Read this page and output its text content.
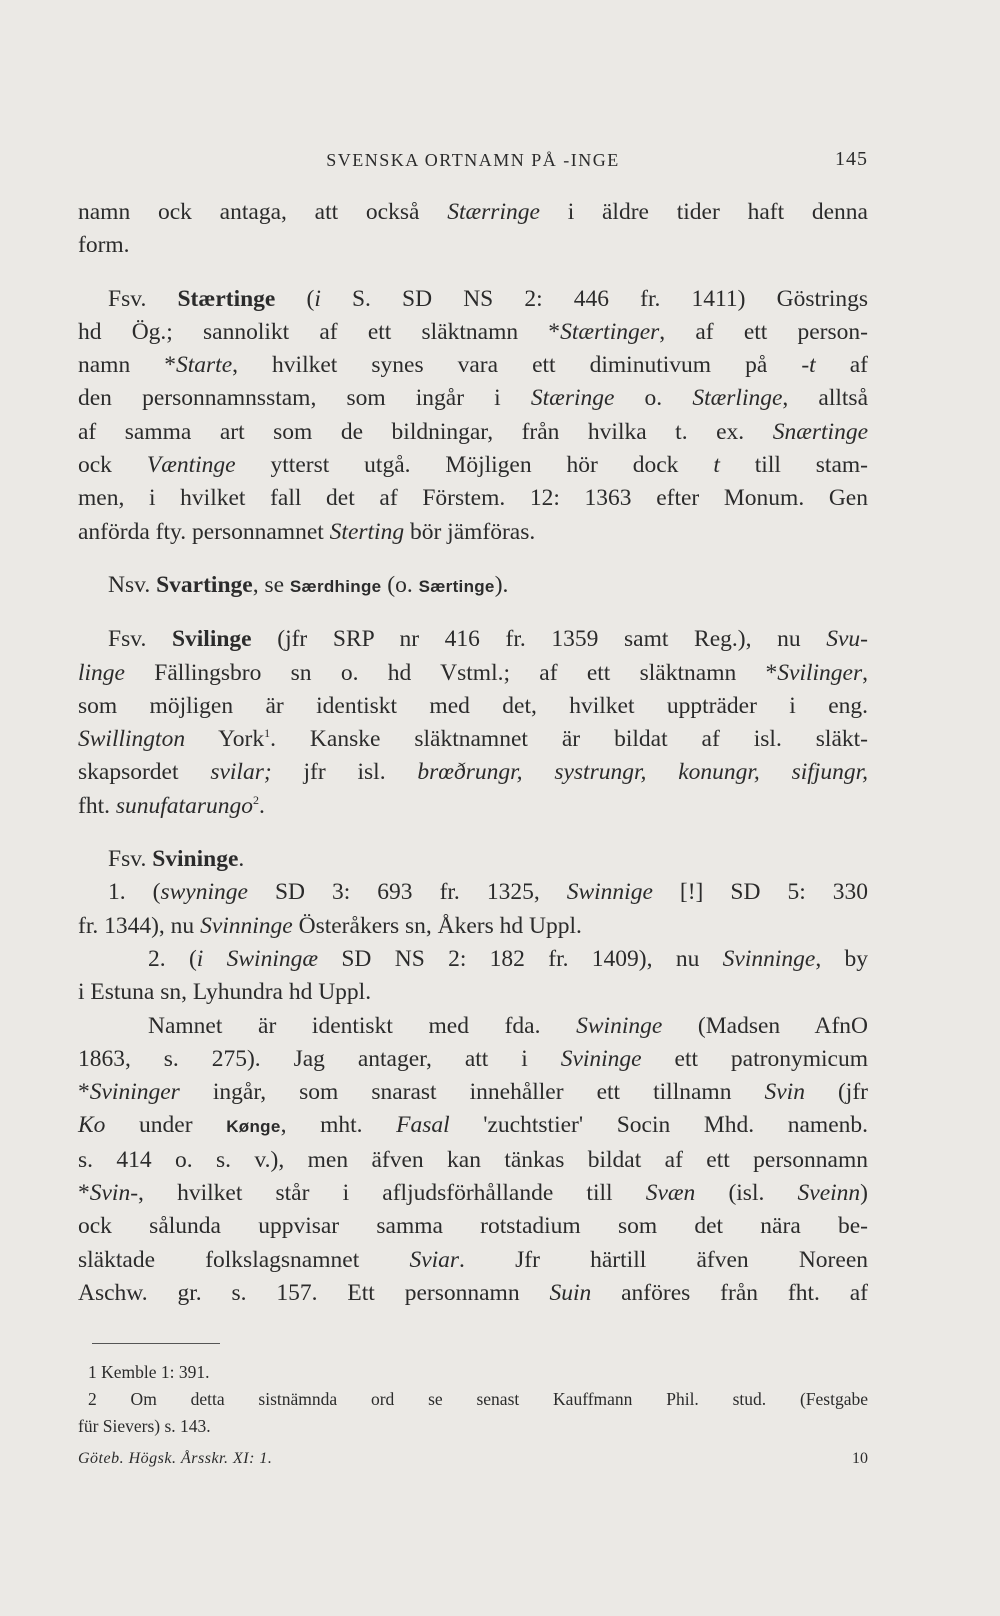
SVENSKA ORTNAMN PÅ -INGE	145
namn ock antaga, att också Stærringe i äldre tider haft denna
form.
Fsv. Stærtinge (i S. SD NS 2: 446 fr. 1411) Göstrings
hd Ög.; sannolikt af ett släktnamn *Stærtinger, af ett person-
namn *Starte, hvilket synes vara ett diminutivum på -t af
den personnamnsstam, som ingår i Stæringe o. Stærlinge, alltså
af samma art som de bildningar, från hvilka t. ex. Snærtinge
ock Væntinge ytterst utgå. Möjligen hör dock t till stam-
men, i hvilket fall det af Förstem. 12: 1363 efter Monum. Gen
anförda fty. personnamnet Sterting bör jämföras.
Nsv. Svartinge, se Særdhinge (o. Særtinge).
Fsv. Svilinge (jfr SRP nr 416 fr. 1359 samt Reg.), nu Svu-
linge Fällingsbro sn o. hd Vstml.; af ett släktnamn *Svilinger,
som möjligen är identiskt med det, hvilket uppträder i eng.
Swillington York$^1$. Kanske släktnamnet är bildat af isl. släkt-
skapsordet svilar; jfr isl. brœðrungr, systrungr, konungr, sifjungr,
fht. sunufatarungo$^2$.
Fsv. Svininge.
1. (swyninge SD 3: 693 fr. 1325, Swinnige [!] SD 5: 330
fr. 1344), nu Svinninge Österåkers sn, Åkers hd Uppl.
2. (i Swiningæ SD NS 2: 182 fr. 1409), nu Svinninge, by
i Estuna sn, Lyhundra hd Uppl.
Namnet är identiskt med fda. Swininge (Madsen AfnO
1863, s. 275). Jag antager, att i Svininge ett patronymicum
*Svininger ingår, som snarast innehåller ett tillnamn Svin (jfr
Ko under Kønge, mht. Fasal 'zuchtstier' Socin Mhd. namenb.
s. 414 o. s. v.), men äfven kan tänkas bildat af ett personnamn
*Svin-, hvilket står i afljudsförhållande till Svæn (isl. Sveinn)
ock sålunda uppvisar samma rotstadium som det nära be-
släktade folkslagsnamnet Sviar. Jfr härtill äfven Noreen
Aschw. gr. s. 157. Ett personnamn Suin anföres från fht. af
1 Kemble 1: 391.
2 Om detta sistnämnda ord se senast Kauffmann Phil. stud. (Festgabe
für Sievers) s. 143.
Göteb. Högsk. Årsskr. XI: 1.	10
